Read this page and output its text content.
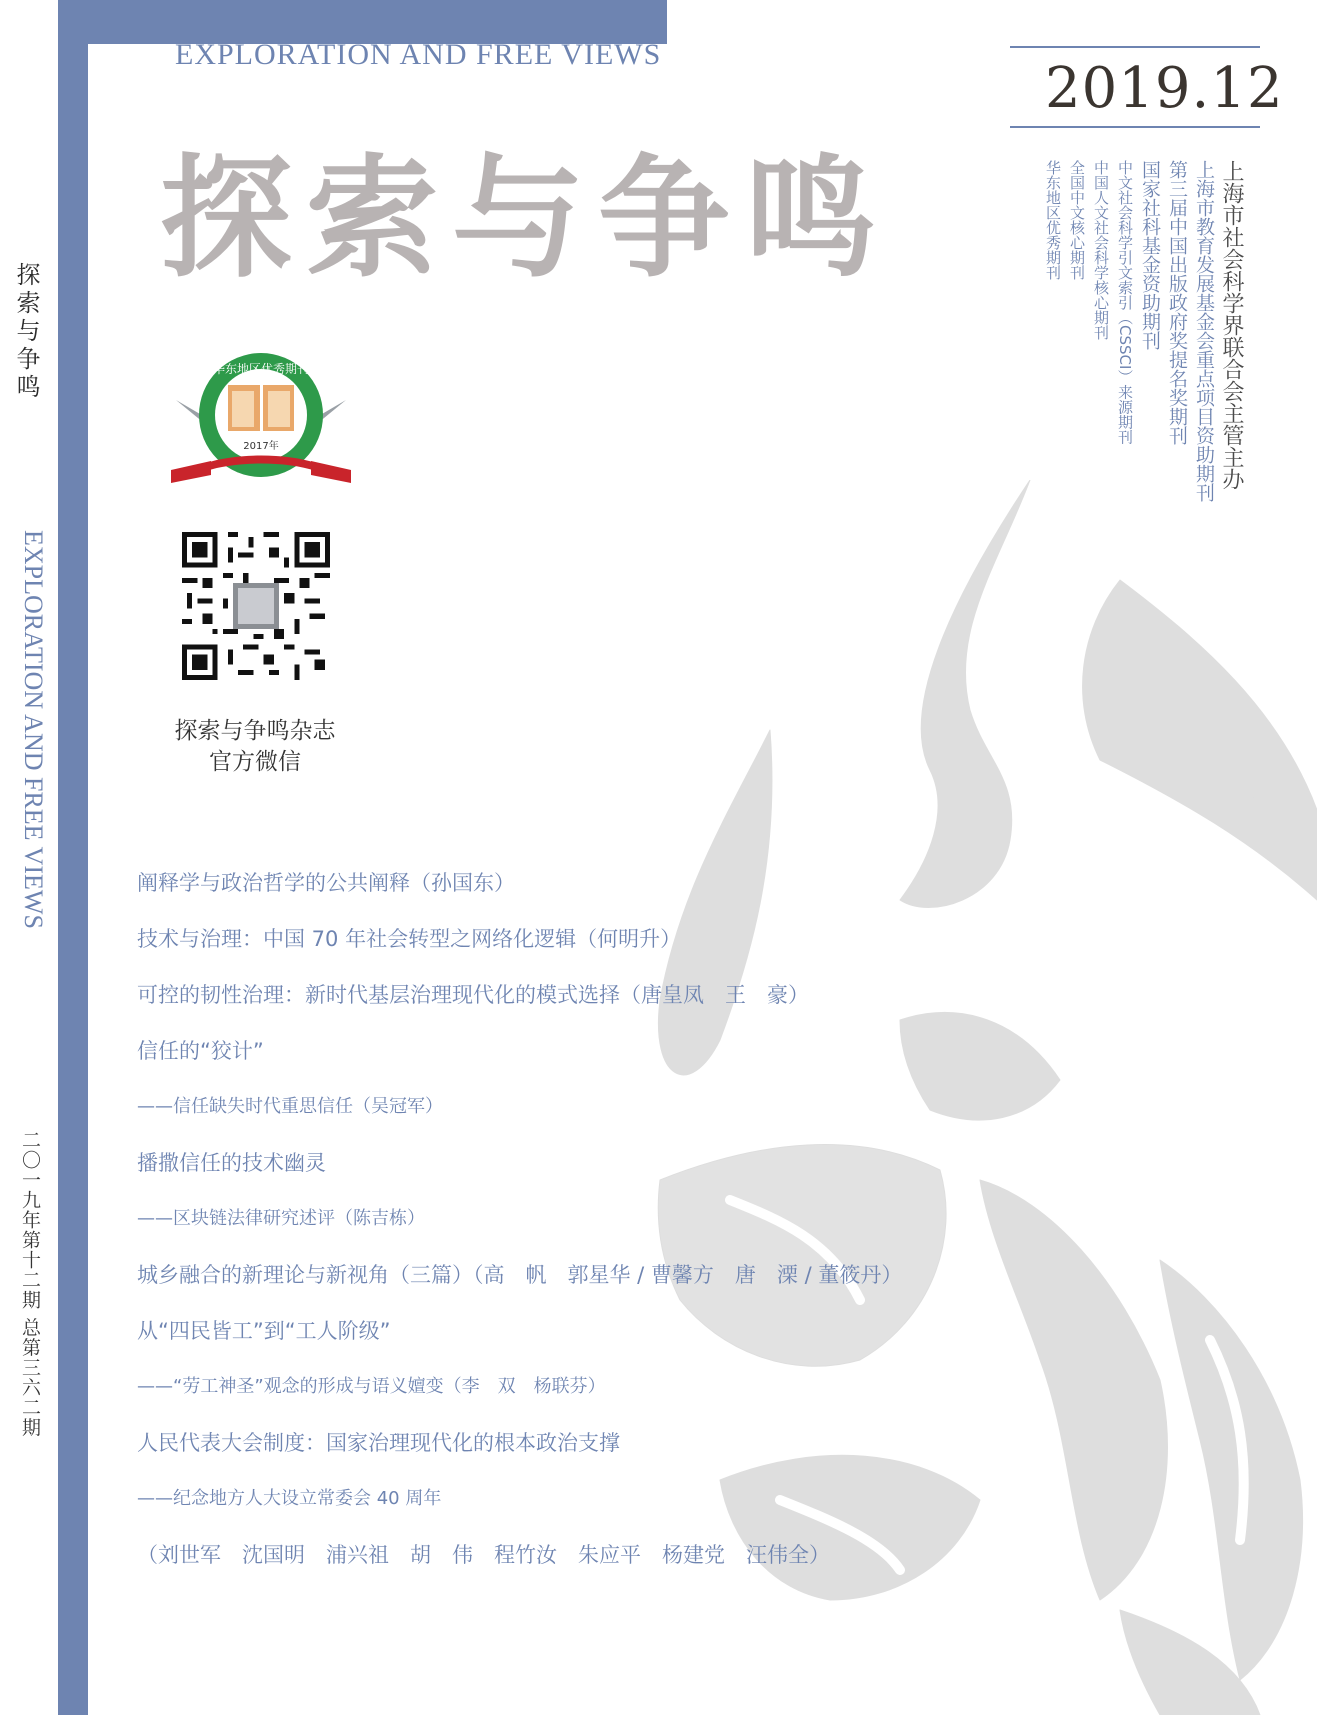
EXPLORATION AND FREE VIEWS
探索与争鸣
EXPLORATION AND FREE VIEWS
二〇一九年第十二期 总第三六二期
探索与争鸣
2019.12
上海市社会科学界联合会主管主办
上海市教育发展基金会重点项目资助期刊
第三届中国出版政府奖提名奖期刊
国家社科基金资助期刊
中文社会科学引文索引（CSSCI）来源期刊
中国人文社会科学核心期刊
全国中文核心期刊
华东地区优秀期刊
华东地区优秀期刊
2017年
探索与争鸣杂志
官方微信
阐释学与政治哲学的公共阐释（孙国东）
技术与治理：中国 70 年社会转型之网络化逻辑（何明升）
可控的韧性治理：新时代基层治理现代化的模式选择（唐皇凤　王　豪）
信任的“狡计”
——信任缺失时代重思信任（吴冠军）
播撒信任的技术幽灵
——区块链法律研究述评（陈吉栋）
城乡融合的新理论与新视角（三篇）（高　帆　郭星华 / 曹馨方　唐　溧 / 董筱丹）
从“四民皆工”到“工人阶级”
——“劳工神圣”观念的形成与语义嬗变（李　双　杨联芬）
人民代表大会制度：国家治理现代化的根本政治支撑
——纪念地方人大设立常委会 40 周年
（刘世军　沈国明　浦兴祖　胡　伟　程竹汝　朱应平　杨建党　汪伟全）
